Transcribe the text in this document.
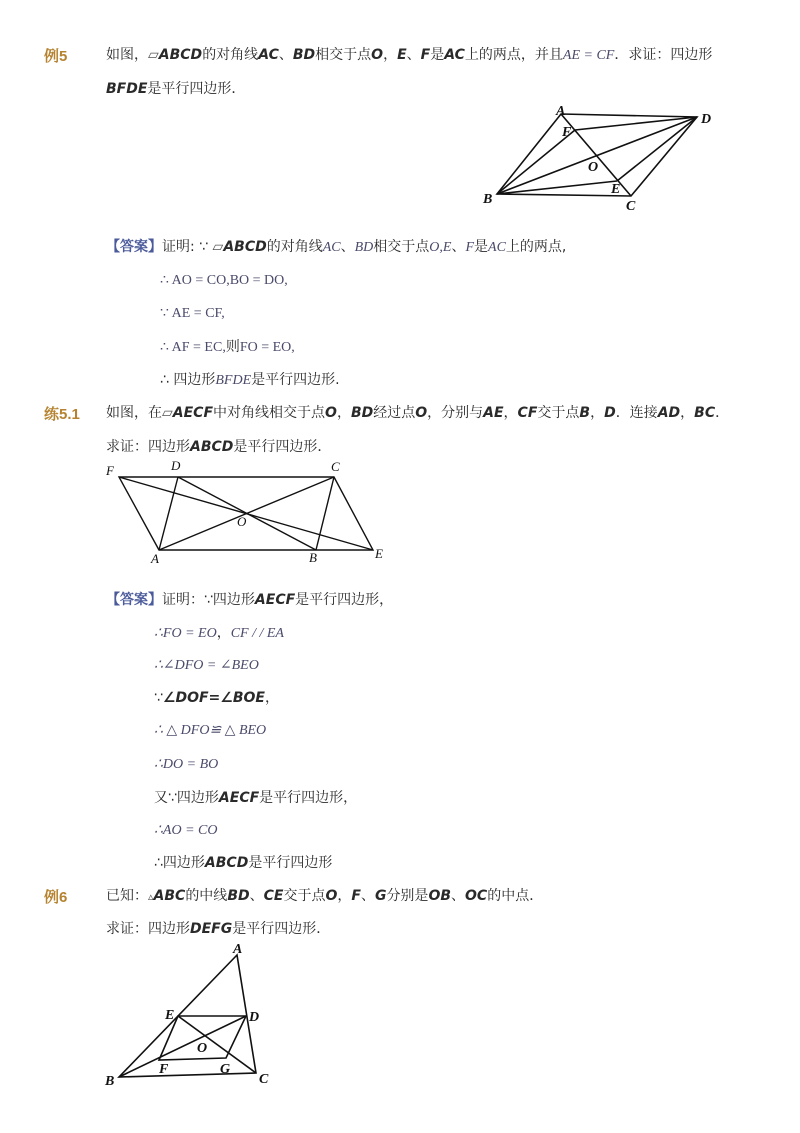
例5	如图，▱ABCD的对角线AC、BD相交于点O，E、F是AC上的两点，并且AE = CF．求证：四边形
BFDE是平行四边形．
A
D
F
O
E
B	C
【答案】证明: ∵ ▱ABCD的对角线AC、BD相交于点O,E、F是AC上的两点,
∴ AO = CO,BO = DO,
∵ AE = CF,
∴ AF = EC,则FO = EO,
∴ 四边形BFDE是平行四边形.
练5.1 如图，在▱AECF中对角线相交于点O，BD经过点O，分别与AE，CF交于点B，D．连接AD，BC．
求证：四边形ABCD是平行四边形．
F	D	C
O
A	B	E
【答案】证明：∵四边形AECF是平行四边形，
∴FO = EO，CF / / EA
∴∠DFO = ∠BEO
∵∠DOF=∠BOE，
∴ △ DFO≌ △ BEO
∴DO = BO
又∵四边形AECF是平行四边形，
∴AO = CO
∴四边形ABCD是平行四边形
例6	已知：▵ABC的中线BD、CE交于点O，F、G分别是OB、OC的中点．
求证：四边形DEFG是平行四边形．
A
E	D
O
B
F	G
C
